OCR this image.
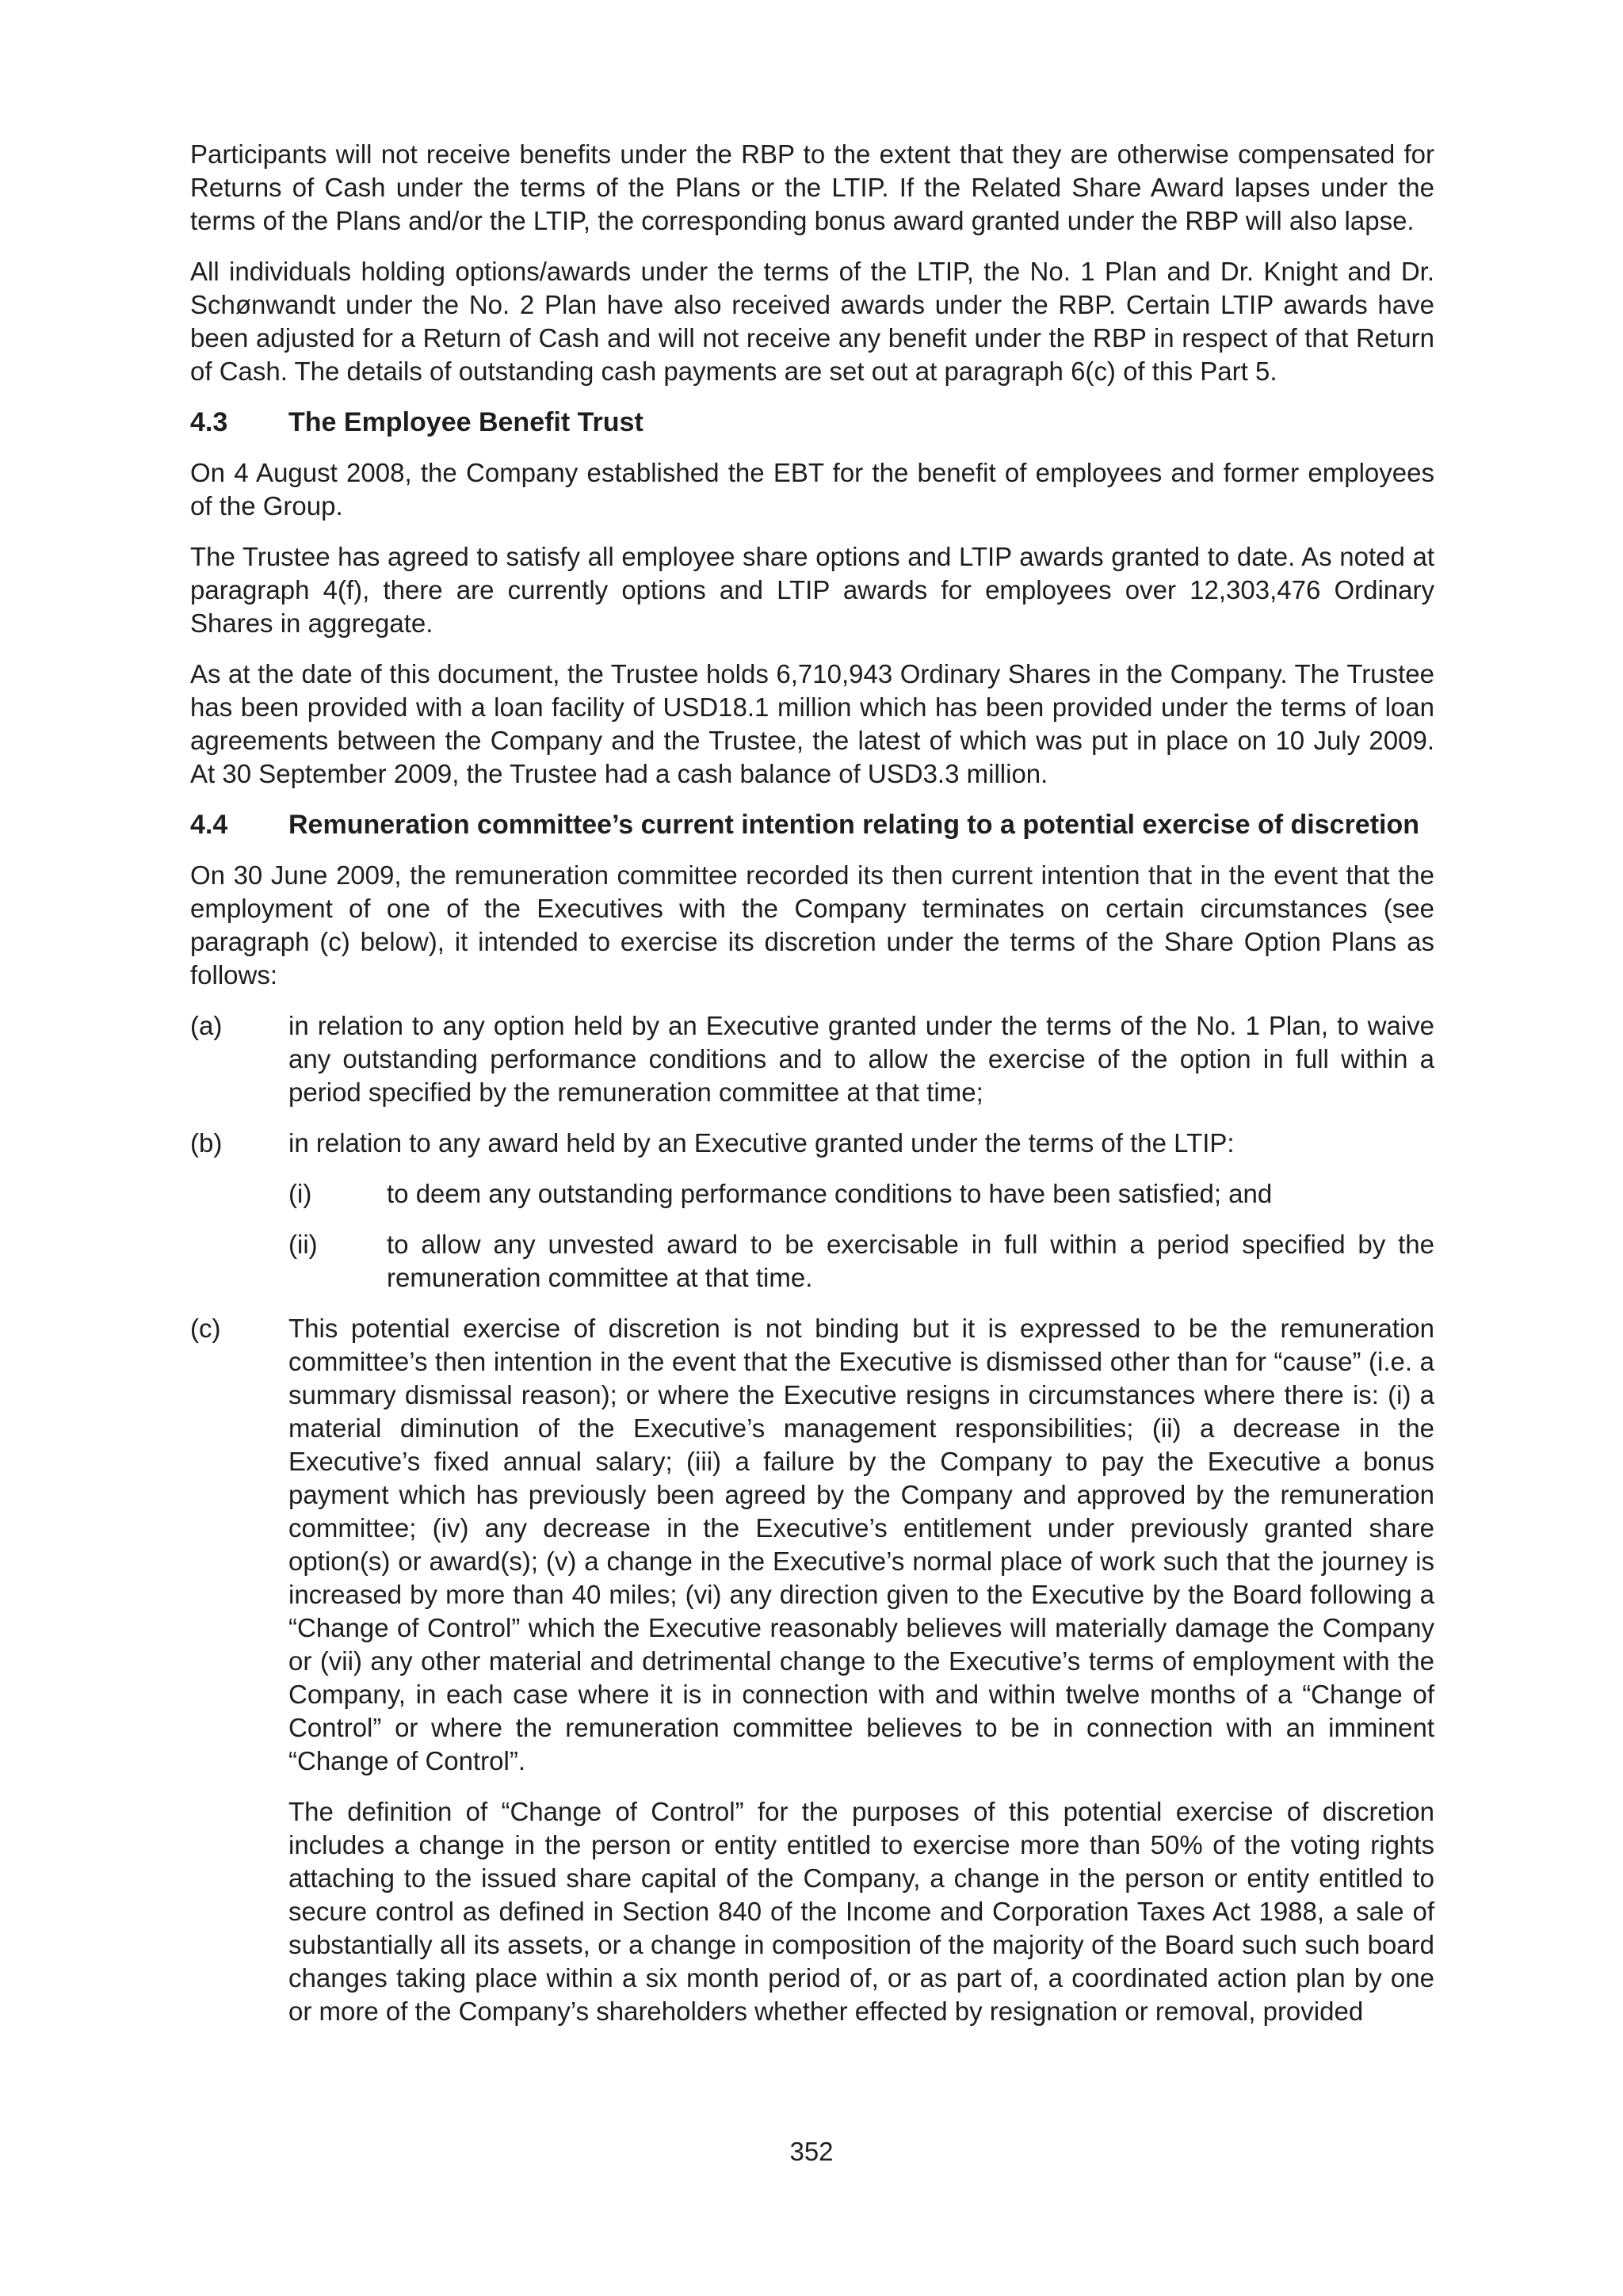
Participants will not receive benefits under the RBP to the extent that they are otherwise compensated for Returns of Cash under the terms of the Plans or the LTIP. If the Related Share Award lapses under the terms of the Plans and/or the LTIP, the corresponding bonus award granted under the RBP will also lapse.

All individuals holding options/awards under the terms of the LTIP, the No. 1 Plan and Dr. Knight and Dr. Schønwandt under the No. 2 Plan have also received awards under the RBP. Certain LTIP awards have been adjusted for a Return of Cash and will not receive any benefit under the RBP in respect of that Return of Cash. The details of outstanding cash payments are set out at paragraph 6(c) of this Part 5.

4.3	The Employee Benefit Trust

On 4 August 2008, the Company established the EBT for the benefit of employees and former employees of the Group.

The Trustee has agreed to satisfy all employee share options and LTIP awards granted to date. As noted at paragraph 4(f), there are currently options and LTIP awards for employees over 12,303,476 Ordinary Shares in aggregate.

As at the date of this document, the Trustee holds 6,710,943 Ordinary Shares in the Company. The Trustee has been provided with a loan facility of USD18.1 million which has been provided under the terms of loan agreements between the Company and the Trustee, the latest of which was put in place on 10 July 2009. At 30 September 2009, the Trustee had a cash balance of USD3.3 million.

4.4	Remuneration committee’s current intention relating to a potential exercise of discretion

On 30 June 2009, the remuneration committee recorded its then current intention that in the event that the employment of one of the Executives with the Company terminates on certain circumstances (see paragraph (c) below), it intended to exercise its discretion under the terms of the Share Option Plans as follows:

(a)	in relation to any option held by an Executive granted under the terms of the No. 1 Plan, to waive any outstanding performance conditions and to allow the exercise of the option in full within a period specified by the remuneration committee at that time;
(b)	in relation to any award held by an Executive granted under the terms of the LTIP:

(i)	to deem any outstanding performance conditions to have been satisfied; and
(ii)	to allow any unvested award to be exercisable in full within a period specified by the remuneration committee at that time.
(c)	This potential exercise of discretion is not binding but it is expressed to be the remuneration committee’s then intention in the event that the Executive is dismissed other than for “cause” (i.e. a summary dismissal reason); or where the Executive resigns in circumstances where there is: (i) a material diminution of the Executive’s management responsibilities; (ii) a decrease in the Executive’s fixed annual salary; (iii) a failure by the Company to pay the Executive a bonus payment which has previously been agreed by the Company and approved by the remuneration committee; (iv) any decrease in the Executive’s entitlement under previously granted share option(s) or award(s); (v) a change in the Executive’s normal place of work such that the journey is increased by more than 40 miles; (vi) any direction given to the Executive by the Board following a “Change of Control” which the Executive reasonably believes will materially damage the Company or (vii) any other material and detrimental change to the Executive’s terms of employment with the Company, in each case where it is in connection with and within twelve months of a “Change of Control” or where the remuneration committee believes to be in connection with an imminent “Change of Control”.

The definition of “Change of Control” for the purposes of this potential exercise of discretion includes a change in the person or entity entitled to exercise more than 50% of the voting rights attaching to the issued share capital of the Company, a change in the person or entity entitled to secure control as defined in Section 840 of the Income and Corporation Taxes Act 1988, a sale of substantially all its assets, or a change in composition of the majority of the Board such such board changes taking place within a six month period of, or as part of, a coordinated action plan by one or more of the Company’s shareholders whether effected by resignation or removal, provided

352
